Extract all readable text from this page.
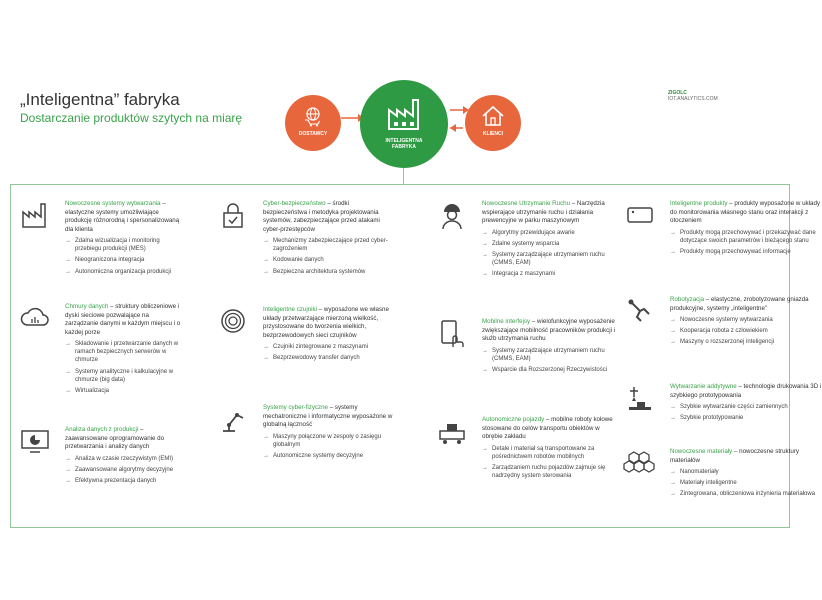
„Inteligentna” fabryka
Dostarczanie produktów szytych na miarę
ZIGOLC
IOT.ANALYTICS.COM
DOSTAWCY
INTELIGENTNA FABRYKA
KLIENCI
Nowoczesne systemy wytwarzania – elastyczne systemy umożliwiające produkcję różnorodną i spersonalizowaną dla klienta
→ Zdalna wizualizacja i monitoring przebiegu produkcji (MES)
→ Nieograniczona integracja
→ Autonomiczna organizacja produkcji
Chmury danych – struktury obliczeniowe i dyski sieciowe pozwalające na zarządzanie danymi w każdym miejscu i o każdej porze
→ Składowanie i przetwarzanie danych w ramach bezpiecznych serwerów w chmurze
→ Systemy analityczne i kalkulacyjne w chmurze (big data)
→ Wirtualizacja
Analiza danych z produkcji – zaawansowane oprogramowanie do przetwarzania i analizy danych
→ Analiza w czasie rzeczywistym (EMI)
→ Zaawansowane algorytmy decyzyjne
→ Efektywna prezentacja danych
Cyber-bezpieczeństwo – środki bezpieczeństwa i metodyka projektowania systemów, zabezpieczające przed atakami cyber-przestępców
→ Mechanizmy zabezpieczające przed cyber-zagrożeniem
→ Kodowanie danych
→ Bezpieczna architektura systemów
Inteligentne czujniki – wyposażone we własne układy przetwarzające mierzoną wielkość, przystosowane do tworzenia wielkich, bezprzewodowych sieci czujników
→ Czujniki zintegrowane z maszynami
→ Bezprzewodowy transfer danych
Systemy cyber-fizyczne – systemy mechatroniczne i informatyczne wyposażone w globalną łączność
→ Maszyny połączone w zespoły o zasięgu globalnym
→ Autonomiczne systemy decyzyjne
Nowoczesne Utrzymanie Ruchu – Narzędzia wspierające utrzymanie ruchu i działania prewencyjne w parku maszynowym
→ Algorytmy przewidujące awarie
→ Zdalne systemy wsparcia
→ Systemy zarządzające utrzymaniem ruchu (CMMS, EAM)
→ Integracja z maszynami
Mobilne interfejsy – wielofunkcyjne wyposażenie zwiększające mobilność pracowników produkcji i służb utrzymania ruchu
→ Systemy zarządzające utrzymaniem ruchu (CMMS, EAM)
→ Wsparcie dla Rozszerzonej Rzeczywistości
Autonomiczne pojazdy – mobilne roboty kołowe stosowane do celów transportu obiektów w obrębie zakładu
→ Detale i materiał są transportowane za pośrednictwem robotów mobilnych
→ Zarządzaniem ruchu pojazdów zajmuje się nadrzędny system sterowania
Inteligentne produkty – produkty wyposażone w układy do monitorowania własnego stanu oraz interakcji z otoczeniem
→ Produkty mogą przechowywać i przekazywać dane dotyczące swoich parametrów i bieżącego stanu
→ Produkty mogą przechowywać informacje
Robotyzacja – elastyczne, zrobotyzowane gniazda produkcyjne, systemy „inteligentne”
→ Nowoczesne systemy wytwarzania
→ Kooperacja robota z człowiekiem
→ Maszyny o rozszerzonej inteligencji
Wytwarzanie addytywne – technologie drukowania 3D i szybkiego prototypowania
→ Szybkie wytwarzanie części zamiennych
→ Szybkie prototypowanie
Nowoczesne materiały – nowoczesne struktury materiałów
→ Nanomateriały
→ Materiały inteligentne
→ Zintegrowana, obliczeniowa inżynieria materiałowa
